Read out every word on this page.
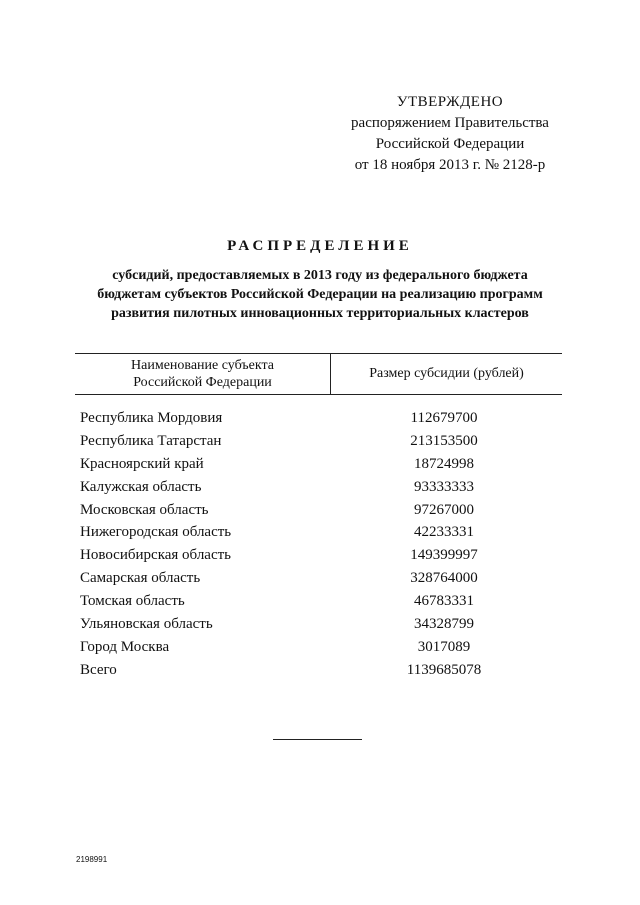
УТВЕРЖДЕНО
распоряжением Правительства
Российской Федерации
от 18 ноября 2013 г. № 2128-р
РАСПРЕДЕЛЕНИЕ
субсидий, предоставляемых в 2013 году из федерального бюджета
бюджетам субъектов Российской Федерации на реализацию программ
развития пилотных инновационных территориальных кластеров
Наименование субъекта
Российской Федерации
Размер субсидии (рублей)
Республика Мордовия	112679700
Республика Татарстан	213153500
Красноярский край	18724998
Калужская область	93333333
Московская область	97267000
Нижегородская область	42233331
Новосибирская область	149399997
Самарская область	328764000
Томская область	46783331
Ульяновская область	34328799
Город Москва	3017089
Всего	1139685078
2198991
